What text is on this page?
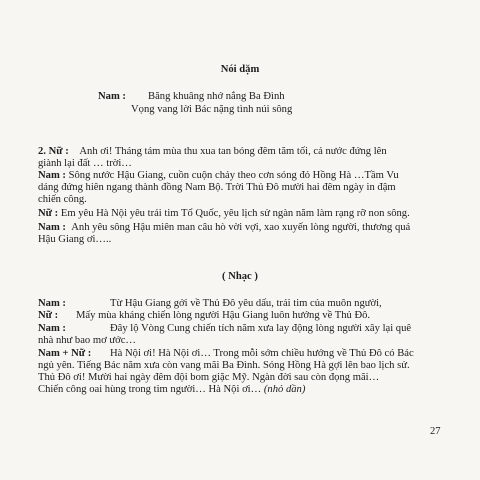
Nói dặm
Nam : Băng khuâng nhớ nắng Ba Đình
Vọng vang lời Bác nặng tình núi sông
2. Nữ : Anh ơi! Tháng tám mùa thu xua tan bóng đêm tăm tối, cả nước đứng lên
giành lại đất … trời…
Nam : Sông nước Hậu Giang, cuồn cuộn chảy theo cơn sóng đỏ Hồng Hà …Tầm Vu
dáng đứng hiên ngang thành đồng Nam Bộ. Trời Thủ Đô mười hai đêm ngày in đậm
chiến công.
Nữ : Em yêu Hà Nội yêu trái tim Tổ Quốc, yêu lịch sử ngàn năm làm rạng rỡ non sông.
Nam : Anh yêu sông Hậu miên man câu hò vời vợi, xao xuyến lòng người, thương quá
Hậu Giang ơi…..
( Nhạc )
Nam :	Từ Hậu Giang gởi về Thủ Đô yêu dấu, trái tim của muôn người,
Nữ : Mấy mùa kháng chiến lòng người Hậu Giang luôn hướng về Thủ Đô.
Nam :	Đây lộ Vòng Cung chiến tích năm xưa lay động lòng người xây lại quê
nhà như bao mơ ước…
Nam + Nữ : Hà Nội ơi! Hà Nội ơi… Trong mỗi sớm chiều hướng về Thủ Đô có Bác
ngủ yên. Tiếng Bác năm xưa còn vang mãi Ba Đình. Sóng Hồng Hà gợi lên bao lịch sử.
Thủ Đô ơi! Mười hai ngày đêm đội bom giặc Mỹ. Ngàn đời sau còn đọng mãi…
Chiến công oai hùng trong tim người… Hà Nội ơi… (nhỏ dần)
27
